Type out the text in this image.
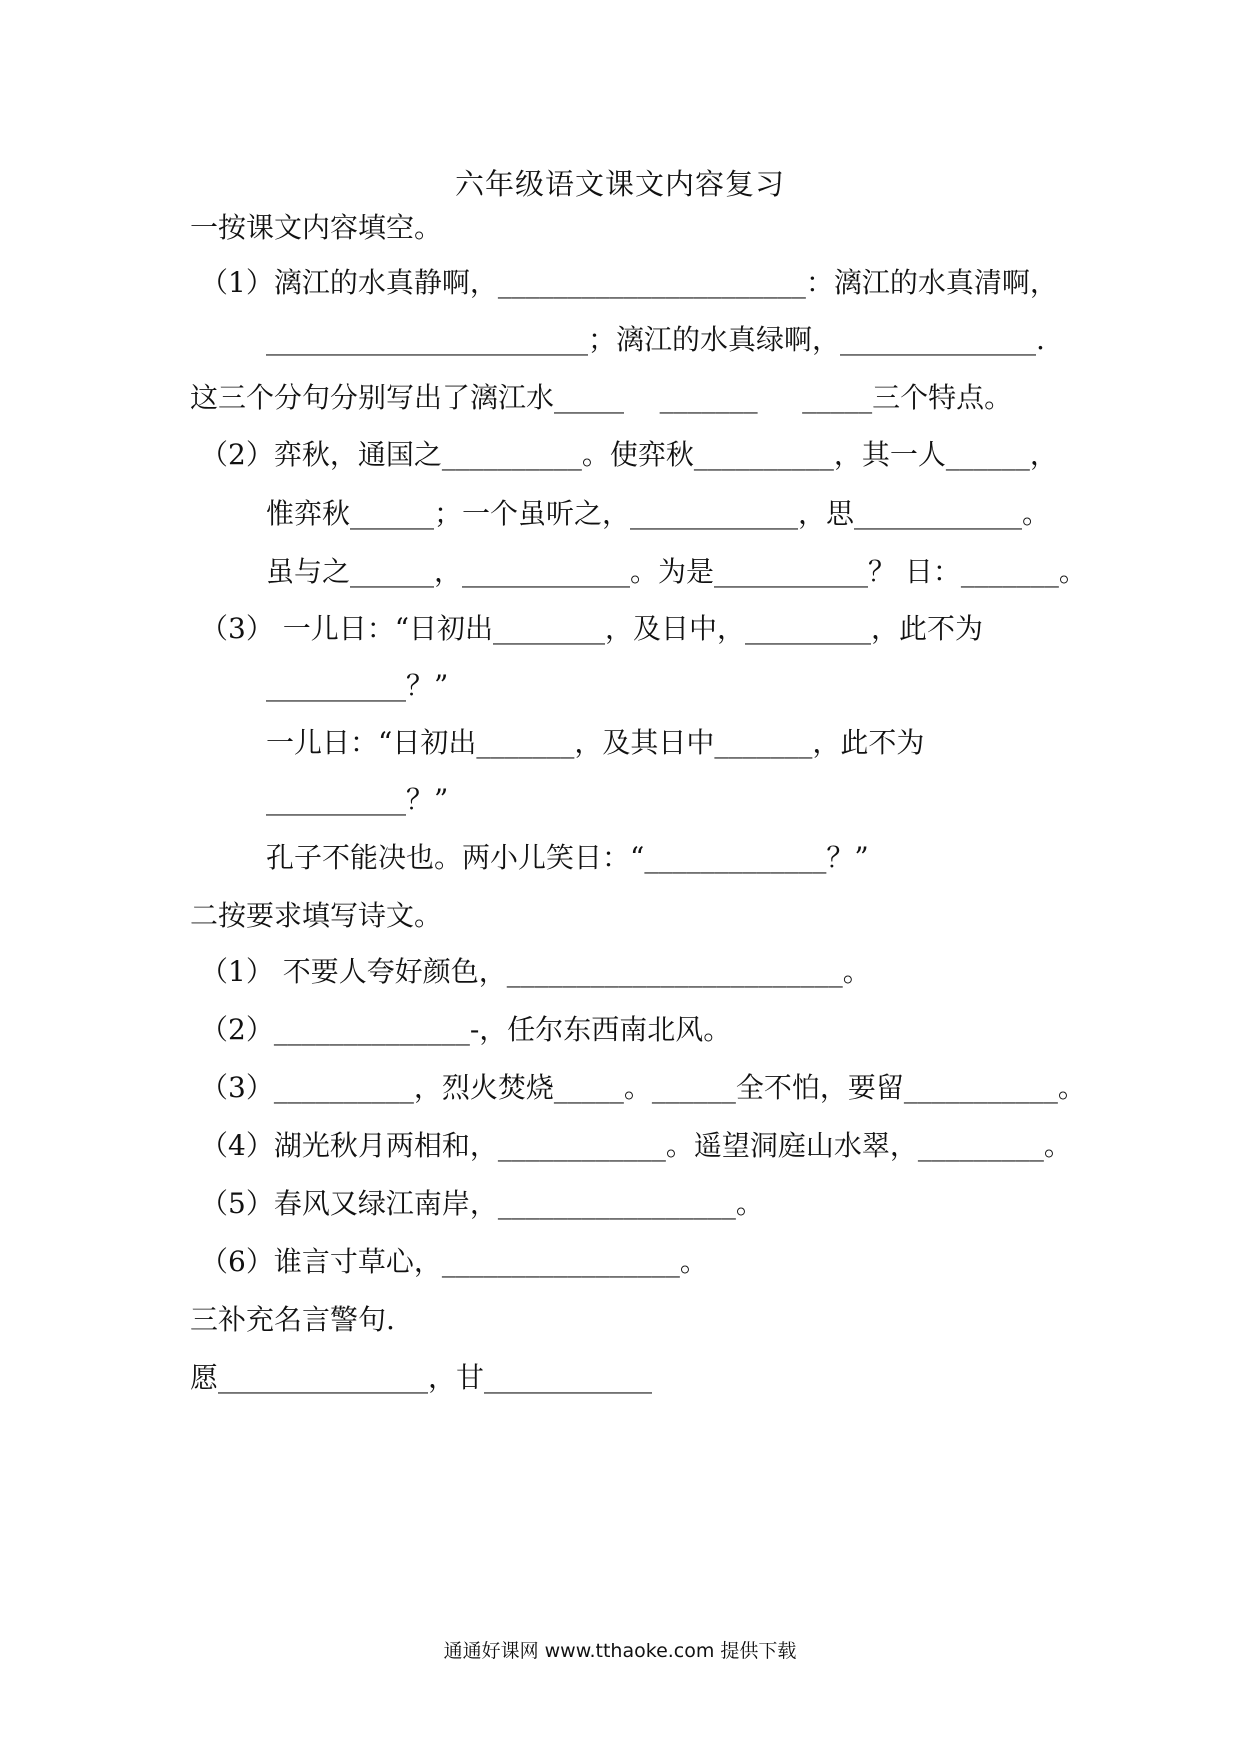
六年级语文课文内容复习
一按课文内容填空。
（1）漓江的水真静啊，______________________：漓江的水真清啊，
_______________________；漓江的水真绿啊，______________.
这三个分句分别写出了漓江水_____    _______     _____三个特点。
（2）弈秋，通国之__________。使弈秋__________，其一人______，
惟弈秋______；一个虽听之，____________，思____________。
虽与之______，____________。为是___________？ 日：_______。
（3） 一儿日：“日初出________，及日中，_________，此不为
__________？”
一儿日：“日初出_______，及其日中_______，此不为
__________？”
孔子不能决也。两小儿笑日：“_____________？”
二按要求填写诗文。
（1） 不要人夸好颜色，________________________。
（2）______________-，任尔东西南北风。
（3）__________，烈火焚烧_____。______全不怕，要留___________。
（4）湖光秋月两相和，____________。遥望洞庭山水翠，_________。
（5）春风又绿江南岸，_________________。
（6）谁言寸草心，_________________。
三补充名言警句.
愿_______________，甘____________
通通好课网 www.tthaoke.com 提供下载
